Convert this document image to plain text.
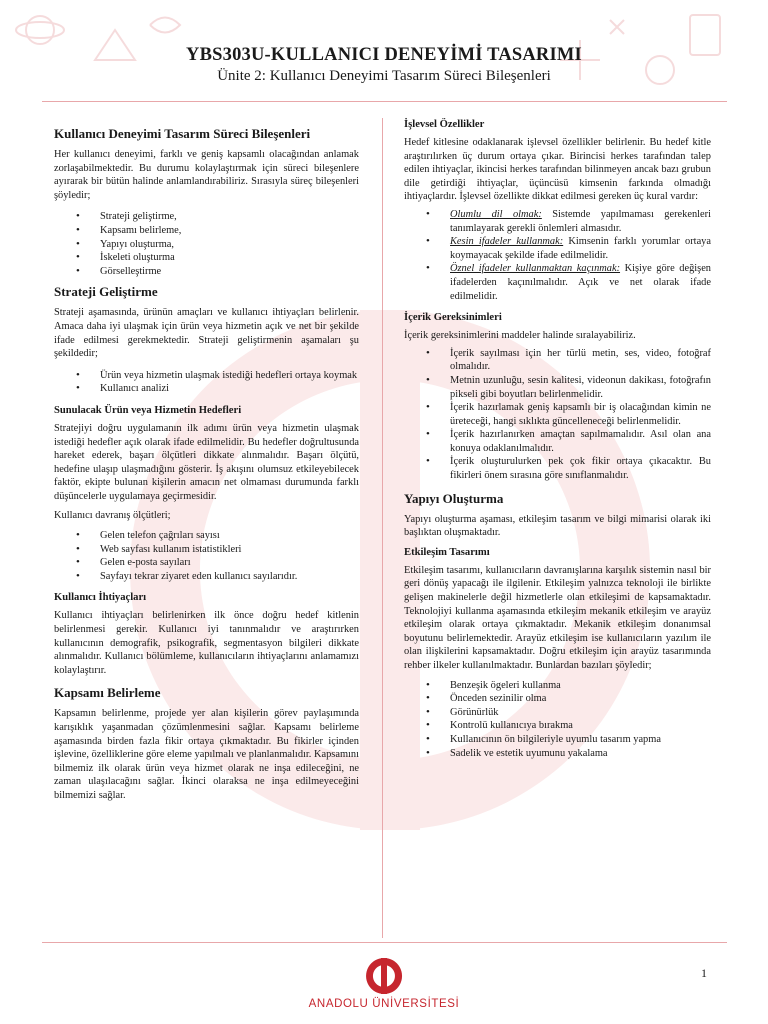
YBS303U-KULLANICI DENEYİMİ TASARIMI
Ünite 2: Kullanıcı Deneyimi Tasarım Süreci Bileşenleri
Kullanıcı Deneyimi Tasarım Süreci Bileşenleri

Her kullanıcı deneyimi, farklı ve geniş kapsamlı olacağından anlamak zorlaşabilmektedir. Bu durumu kolaylaştırmak için süreci bileşenlere ayırarak bir bütün halinde anlamlandırabiliriz. Sırasıyla süreç bileşenleri şöyledir;

• Strateji geliştirme,
• Kapsamı belirleme,
• Yapıyı oluşturma,
• İskeleti oluşturma
• Görselleştirme
Strateji Geliştirme

Strateji aşamasında, ürünün amaçları ve kullanıcı ihtiyaçları belirlenir. Amaca daha iyi ulaşmak için ürün veya hizmetin açık ve net bir şekilde ifade edilmesi gerekmektedir. Strateji geliştirmenin aşamaları şu şekildedir;

• Ürün veya hizmetin ulaşmak istediği hedefleri ortaya koymak
• Kullanıcı analizi
Sunulacak Ürün veya Hizmetin Hedefleri

Stratejiyi doğru uygulamanın ilk adımı ürün veya hizmetin ulaşmak istediği hedefler açık olarak ifade edilmelidir. Bu hedefler doğrultusunda hareket ederek, başarı ölçütleri dikkate alınmalıdır. Başarı ölçütü, hedefine ulaşıp ulaşmadığını gösterir. İş akışını olumsuz etkileyebilecek faktör, ekipte bulunan kişilerin amacın net olmaması durumunda farklı düşüncelerle uygulamaya geçirmesidir.

Kullanıcı davranış ölçütleri;

• Gelen telefon çağrıları sayısı
• Web sayfası kullanım istatistikleri
• Gelen e-posta sayıları
• Sayfayı tekrar ziyaret eden kullanıcı sayılarıdır.
Kullanıcı İhtiyaçları

Kullanıcı ihtiyaçları belirlenirken ilk önce doğru hedef kitlenin belirlenmesi gerekir. Kullanıcı iyi tanınmalıdır ve araştırırken kullanıcının demografik, psikografik, segmentasyon bilgileri dikkate alınmalıdır. Kullanıcı bölümleme, kullanıcıların ihtiyaçlarını anlamamızı kolaylaştırır.

Kapsamı Belirleme

Kapsamın belirlenme, projede yer alan kişilerin görev paylaşımında karışıklık yaşanmadan çözümlenmesini sağlar. Kapsamı belirleme aşamasında birden fazla fikir ortaya çıkmaktadır. Bu fikirler içinden işlevine, özelliklerine göre eleme yapılmalı ve planlanmalıdır. Kapsamını bilmemiz ilk olarak ürün veya hizmet olarak ne inşa edileceğini, ne zaman ulaşılacağını sağlar. İkinci olaraksa ne inşa edilmeyeceğini bilmemizi sağlar.

İşlevsel Özellikler

Hedef kitlesine odaklanarak işlevsel özellikler belirlenir. Bu hedef kitle araştırılırken üç durum ortaya çıkar. Birincisi herkes tarafından talep edilen ihtiyaçlar, ikincisi herkes tarafından bilinmeyen ancak bazı grubun dile getirdiği ihtiyaçlar, üçüncüsü kimsenin farkında olmadığı ihtiyaçlardır. İşlevsel özellikte dikkat edilmesi gereken üç kural vardır:

• Olumlu dil olmak: Sistemde yapılmaması gerekenleri tanımlayarak gerekli önlemleri almasıdır.
• Kesin ifadeler kullanmak: Kimsenin farklı yorumlar ortaya koymayacak şekilde ifade edilmelidir.
• Öznel ifadeler kullanmaktan kaçınmak: Kişiye göre değişen ifadelerden kaçınılmalıdır. Açık ve net olarak ifade edilmelidir.
İçerik Gereksinimleri

İçerik gereksinimlerini maddeler halinde sıralayabiliriz.

• İçerik sayılması için her türlü metin, ses, video, fotoğraf olmalıdır.
• Metnin uzunluğu, sesin kalitesi, videonun dakikası, fotoğrafın pikseli gibi boyutları belirlenmelidir.
• İçerik hazırlamak geniş kapsamlı bir iş olacağından kimin ne üreteceği, hangi sıklıkta güncelleneceği belirlenmelidir.
• İçerik hazırlanırken amaçtan sapılmamalıdır. Asıl olan ana konuya odaklanılmalıdır.
• İçerik oluşturulurken pek çok fikir ortaya çıkacaktır. Bu fikirleri önem sırasına göre sınıflanmalıdır.
Yapıyı Oluşturma

Yapıyı oluşturma aşaması, etkileşim tasarım ve bilgi mimarisi olarak iki başlıktan oluşmaktadır.

Etkileşim Tasarımı

Etkileşim tasarımı, kullanıcıların davranışlarına karşılık sistemin nasıl bir geri dönüş yapacağı ile ilgilenir. Etkileşim yalnızca teknoloji ile birlikte gelişen makinelerle değil hizmetlerle olan etkileşimi de kapsamaktadır. Teknolojiyi kullanma aşamasında etkileşim mekanik etkileşim ve arayüz etkileşim olarak ortaya çıkmaktadır. Mekanik etkileşim donanımsal boyutunu belirlemektedir. Arayüz etkileşim ise kullanıcıların yazılım ile olan ilişkilerini kapsamaktadır. Doğru etkileşim için arayüz tasarımında rehber ilkeler kullanılmaktadır. Bunlardan bazıları şöyledir;

• Benzeşik ögeleri kullanma
• Önceden sezinilir olma
• Görünürlük
• Kontrolü kullanıcıya bırakma
• Kullanıcının ön bilgileriyle uyumlu tasarım yapma
• Sadelik ve estetik uyumunu yakalama
ANADOLU ÜNİVERSİTESİ
1
